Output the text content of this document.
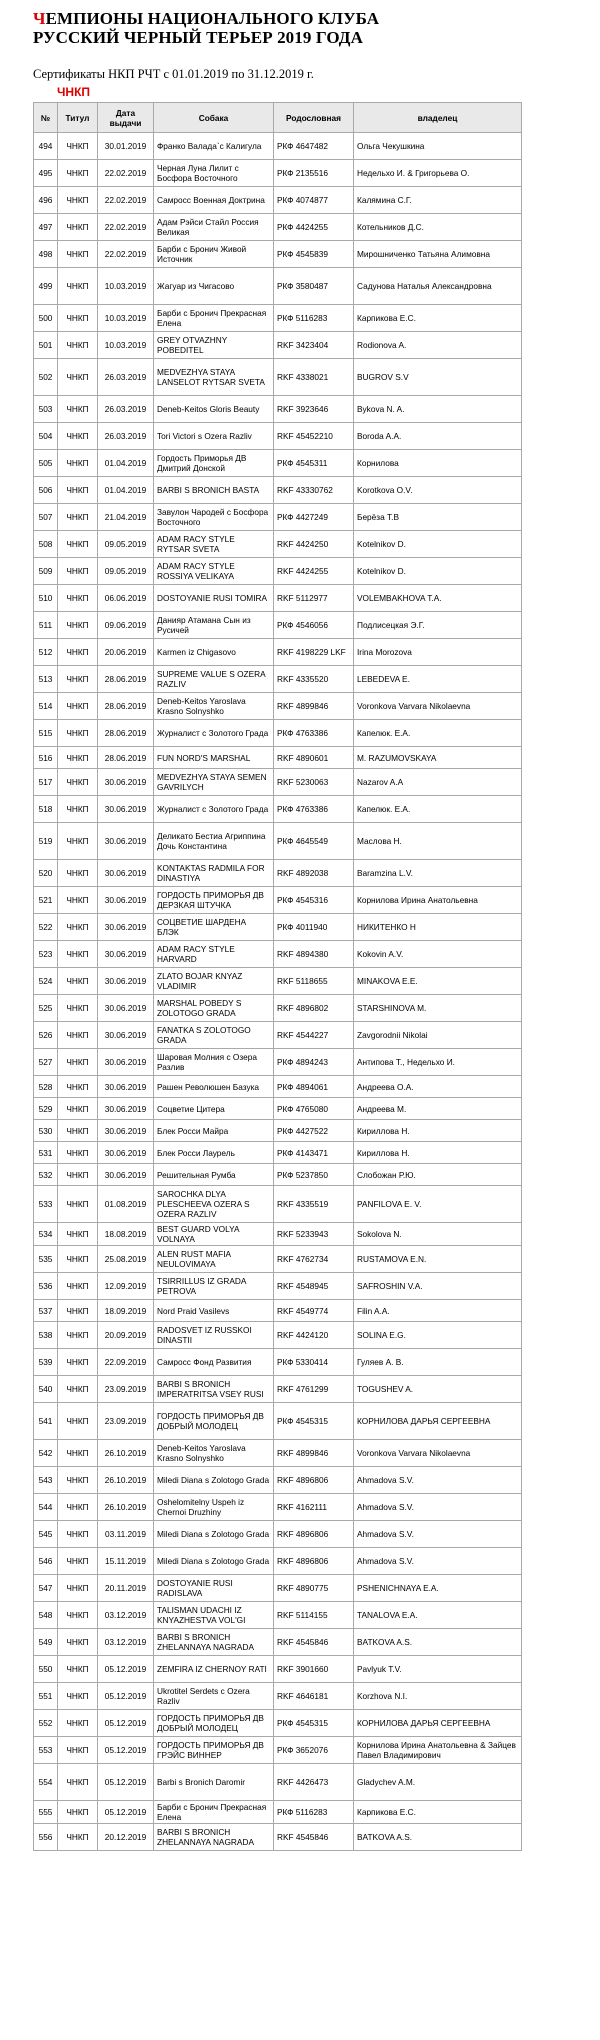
ЧЕМПИОНЫ НАЦИОНАЛЬНОГО КЛУБА
РУССКИЙ ЧЕРНЫЙ ТЕРЬЕР 2019 ГОДА
Сертификаты НКП РЧТ с 01.01.2019 по 31.12.2019 г.
ЧНКП
№	Титул	Дата выдачи	Собака	Родословная	владелец
494	ЧНКП	30.01.2019	Франко Валада`с Калигула	РКФ 4647482	Ольга Чекушкина
495	ЧНКП	22.02.2019	Черная Луна Лилит с Босфора Восточного	РКФ 2135516	Недельхо И. & Григорьева О.
496	ЧНКП	22.02.2019	Самросс Военная Доктрина	РКФ 4074877	Калямина С.Г.
497	ЧНКП	22.02.2019	Адам Рэйси Стайл Россия Великая	РКФ 4424255	Котельников Д.С.
498	ЧНКП	22.02.2019	Барби с Бронич Живой Источник	РКФ 4545839	Мирошниченко Татьяна Алимовна
499	ЧНКП	10.03.2019	Жагуар из Чигасово	РКФ 3580487	Садунова Наталья Александровна
500	ЧНКП	10.03.2019	Барби с Бронич Прекрасная Елена	РКФ 5116283	Карпикова Е.С.
501	ЧНКП	10.03.2019	GREY OTVAZHNY POBEDITEL	RKF 3423404	Rodionova A.
502	ЧНКП	26.03.2019	MEDVEZHYA STAYA LANSELOT RYTSAR SVETA	RKF 4338021	BUGROV S.V
503	ЧНКП	26.03.2019	Deneb-Keitos Gloris Beauty	RKF 3923646	Bykova N. A.
504	ЧНКП	26.03.2019	Tori Victori s Ozera Razliv	RKF 45452210	Boroda A.A.
505	ЧНКП	01.04.2019	Гордость Приморья ДВ Дмитрий Донской	РКФ 4545311	Корнилова
506	ЧНКП	01.04.2019	BARBI S BRONICH BASTA	RKF 43330762	Korotkova O.V.
507	ЧНКП	21.04.2019	Завулон Чародей с Босфора Восточного	РКФ 4427249	Берёза Т.В
508	ЧНКП	09.05.2019	ADAM RACY STYLE RYTSAR SVETA	RKF 4424250	Kotelnikov D.
509	ЧНКП	09.05.2019	ADAM RACY STYLE ROSSIYA VELIKAYA	RKF 4424255	Kotelnikov D.
510	ЧНКП	06.06.2019	DOSTOYANIE RUSI TOMIRA	RKF 5112977	VOLEMBAKHOVA T.A.
511	ЧНКП	09.06.2019	Данияр Атамана Сын из Русичей	РКФ 4546056	Подлисецкая Э.Г.
512	ЧНКП	20.06.2019	Karmen iz Chigasovo	RKF 4198229 LKF	Irina Morozova
513	ЧНКП	28.06.2019	SUPREME VALUE S OZERA RAZLIV	RKF 4335520	LEBEDEVA E.
514	ЧНКП	28.06.2019	Deneb-Keitos Yaroslava Krasno Solnyshko	RKF 4899846	Voronkova Varvara Nikolaevna
515	ЧНКП	28.06.2019	Журналист с Золотого Града	РКФ 4763386	Капелюк. Е.А.
516	ЧНКП	28.06.2019	FUN NORD'S MARSHAL	RKF 4890601	M. RAZUMOVSKAYA
517	ЧНКП	30.06.2019	MEDVEZHYA STAYA SEMEN GAVRILYCH	RKF 5230063	Nazarov A.A
518	ЧНКП	30.06.2019	Журналист с Золотого Града	РКФ 4763386	Капелюк. Е.А.
519	ЧНКП	30.06.2019	Деликато Бестиа Агриппина Дочь Константина	РКФ 4645549	Маслова Н.
520	ЧНКП	30.06.2019	KONTAKTAS RADMILA FOR DINASTIYA	RKF 4892038	Baramzina L.V.
521	ЧНКП	30.06.2019	ГОРДОСТЬ ПРИМОРЬЯ ДВ ДЕРЗКАЯ ШТУЧКА	РКФ 4545316	Корнилова Ирина Анатольевна
522	ЧНКП	30.06.2019	СОЦВЕТИЕ ШАРДЕНА БЛЭК	РКФ 4011940	НИКИТЕНКО Н
523	ЧНКП	30.06.2019	ADAM RACY STYLE HARVARD	RKF 4894380	Kokovin A.V.
524	ЧНКП	30.06.2019	ZLATO BOJAR KNYAZ VLADIMIR	RKF 5118655	MINAKOVA E.E.
525	ЧНКП	30.06.2019	MARSHAL POBEDY S ZOLOTOGO GRADA	RKF 4896802	STARSHINOVA M.
526	ЧНКП	30.06.2019	FANATKA S ZOLOTOGO GRADA	RKF 4544227	Zavgorodnii Nikolai
527	ЧНКП	30.06.2019	Шаровая Молния с Озера Разлив	РКФ 4894243	Антипова Т., Недельхо И.
528	ЧНКП	30.06.2019	Рашен Революшен Базука	РКФ 4894061	Андреева О.А.
529	ЧНКП	30.06.2019	Соцветие Цитера	РКФ 4765080	Андреева М.
530	ЧНКП	30.06.2019	Блек Росси Майра	РКФ 4427522	Кириллова Н.
531	ЧНКП	30.06.2019	Блек Росси Лаурель	РКФ 4143471	Кириллова Н.
532	ЧНКП	30.06.2019	Решительная Румба	РКФ 5237850	Слобожан Р.Ю.
533	ЧНКП	01.08.2019	SAROCHKA DLYA PLESCHEEVA OZERA S OZERA RAZLIV	RKF 4335519	PANFILOVA E. V.
534	ЧНКП	18.08.2019	BEST GUARD VOLYA VOLNAYA	RKF 5233943	Sokolova N.
535	ЧНКП	25.08.2019	ALEN RUST MAFIA NEULOVIMAYA	RKF 4762734	RUSTAMOVA E.N.
536	ЧНКП	12.09.2019	TSIRRILLUS IZ GRADA PETROVA	RKF 4548945	SAFROSHIN V.A.
537	ЧНКП	18.09.2019	Nord Praid Vasilevs	RKF 4549774	Filin A.A.
538	ЧНКП	20.09.2019	RADOSVET IZ RUSSKOI DINASTII	RKF 4424120	SOLINA E.G.
539	ЧНКП	22.09.2019	Самросс Фонд Развития	РКФ 5330414	Гуляев А. В.
540	ЧНКП	23.09.2019	BARBI S BRONICH IMPERATRITSA VSEY RUSI	RKF 4761299	TOGUSHEV A.
541	ЧНКП	23.09.2019	ГОРДОСТЬ ПРИМОРЬЯ ДВ ДОБРЫЙ МОЛОДЕЦ	РКФ 4545315	КОРНИЛОВА ДАРЬЯ СЕРГЕЕВНА
542	ЧНКП	26.10.2019	Deneb-Keitos Yaroslava Krasno Solnyshko	RKF 4899846	Voronkova Varvara Nikolaevna
543	ЧНКП	26.10.2019	Miledi Diana s Zolotogo Grada	RKF 4896806	Ahmadova S.V.
544	ЧНКП	26.10.2019	Oshelomitelny Uspeh iz Chernoi Druzhiny	RKF 4162111	Ahmadova S.V.
545	ЧНКП	03.11.2019	Miledi Diana s Zolotogo Grada	RKF 4896806	Ahmadova S.V.
546	ЧНКП	15.11.2019	Miledi Diana s Zolotogo Grada	RKF 4896806	Ahmadova S.V.
547	ЧНКП	20.11.2019	DOSTOYANIE RUSI RADISLAVA	RKF 4890775	PSHENICHNAYA E.A.
548	ЧНКП	03.12.2019	TALISMAN UDACHI IZ KNYAZHESTVA VOL'GI	RKF 5114155	TANALOVA E.A.
549	ЧНКП	03.12.2019	BARBI S BRONICH ZHELANNAYA NAGRADA	RKF 4545846	BATKOVA A.S.
550	ЧНКП	05.12.2019	ZEMFIRA IZ CHERNOY RATI	RKF 3901660	Pavlyuk T.V.
551	ЧНКП	05.12.2019	Ukrotitel Serdets c Ozera Razliv	RKF 4646181	Korzhova N.I.
552	ЧНКП	05.12.2019	ГОРДОСТЬ ПРИМОРЬЯ ДВ ДОБРЫЙ МОЛОДЕЦ	РКФ 4545315	КОРНИЛОВА ДАРЬЯ СЕРГЕЕВНА
553	ЧНКП	05.12.2019	ГОРДОСТЬ ПРИМОРЬЯ ДВ ГРЭЙС ВИННЕР	РКФ 3652076	Корнилова Ирина Анатольевна & Зайцев Павел Владимирович
554	ЧНКП	05.12.2019	Barbi s Bronich Daromir	RKF 4426473	Gladychev A.M.
555	ЧНКП	05.12.2019	Барби с Бронич Прекрасная Елена	РКФ 5116283	Карпикова Е.С.
556	ЧНКП	20.12.2019	BARBI S BRONICH ZHELANNAYA NAGRADA	RKF 4545846	BATKOVA A.S.
